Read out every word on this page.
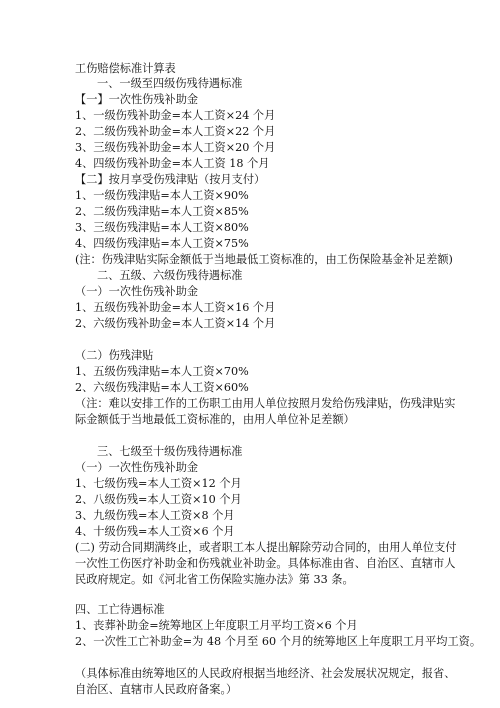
工伤赔偿标准计算表
一、一级至四级伤残待遇标准
【一】一次性伤残补助金
1、一级伤残补助金=本人工资×24 个月
2、二级伤残补助金=本人工资×22 个月
3、三级伤残补助金=本人工资×20 个月
4、四级伤残补助金=本人工资 18 个月
【二】按月享受伤残津贴（按月支付）
1、一级伤残津贴=本人工资×90%
2、二级伤残津贴=本人工资×85%
3、三级伤残津贴=本人工资×80%
4、四级伤残津贴=本人工资×75%
(注：伤残津贴实际金额低于当地最低工资标准的，由工伤保险基金补足差额)
二、五级、六级伤残待遇标准
（一）一次性伤残补助金
1、五级伤残补助金=本人工资×16 个月
2、六级伤残补助金=本人工资×14 个月
（二）伤残津贴
1、五级伤残津贴=本人工资×70%
2、六级伤残津贴=本人工资×60%
（注：难以安排工作的工伤职工由用人单位按照月发给伤残津贴，伤残津贴实
际金额低于当地最低工资标准的，由用人单位补足差额）
三、七级至十级伤残待遇标准
（一）一次性伤残补助金
1、七级伤残=本人工资×12 个月
2、八级伤残=本人工资×10 个月
3、九级伤残=本人工资×8 个月
4、十级伤残=本人工资×6 个月
(二) 劳动合同期满终止，或者职工本人提出解除劳动合同的，由用人单位支付
一次性工伤医疗补助金和伤残就业补助金。具体标准由省、自治区、直辖市人
民政府规定。如《河北省工伤保险实施办法》第 33 条。
四、工亡待遇标准
1、丧葬补助金=统筹地区上年度职工月平均工资×6 个月
2、一次性工亡补助金=为 48 个月至 60 个月的统筹地区上年度职工月平均工资。
（具体标准由统筹地区的人民政府根据当地经济、社会发展状况规定，报省、
自治区、直辖市人民政府备案。）
